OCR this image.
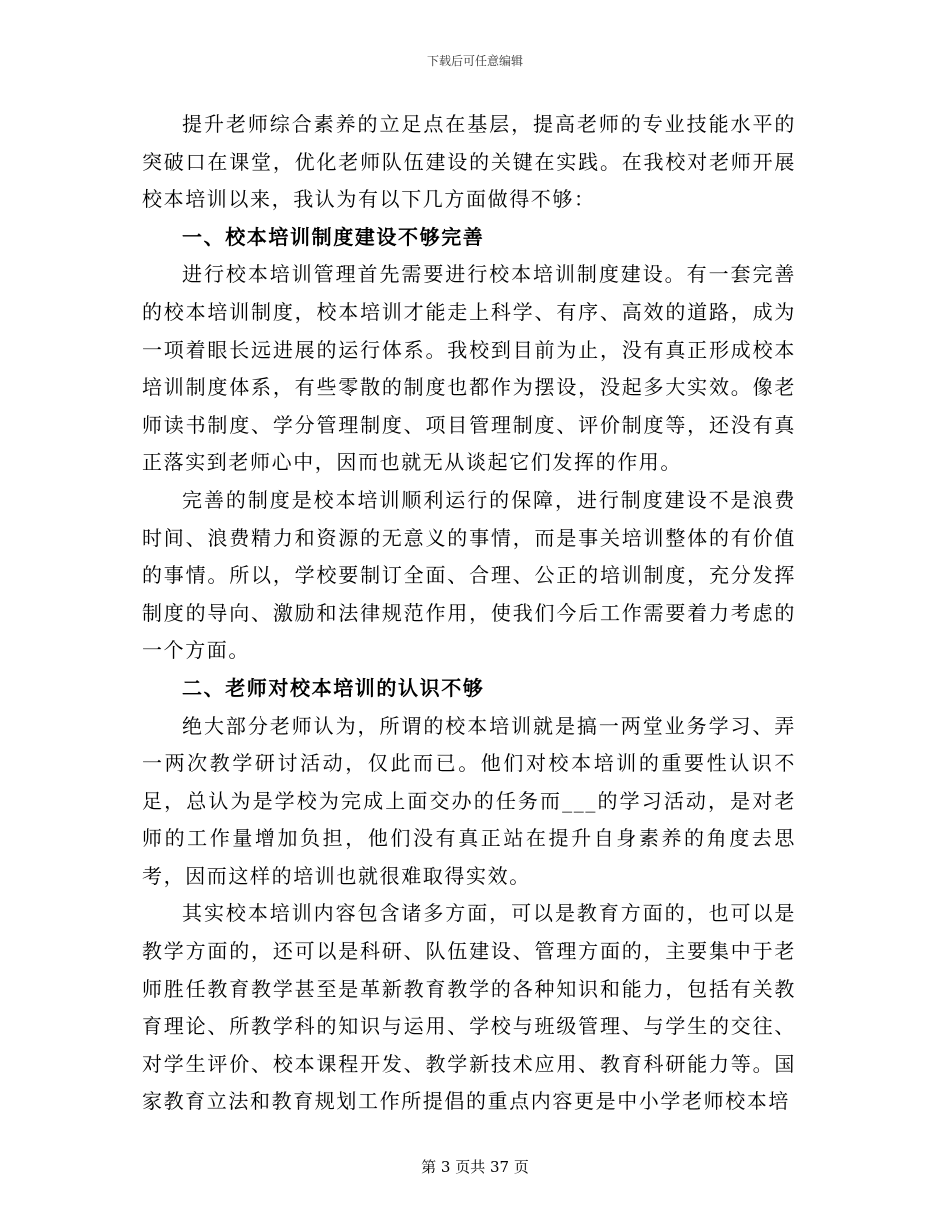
下载后可任意编辑

提升老师综合素养的立足点在基层，提高老师的专业技能水平的突破口在课堂，优化老师队伍建设的关键在实践。在我校对老师开展校本培训以来，我认为有以下几方面做得不够：

一、校本培训制度建设不够完善

进行校本培训管理首先需要进行校本培训制度建设。有一套完善的校本培训制度，校本培训才能走上科学、有序、高效的道路，成为一项着眼长远进展的运行体系。我校到目前为止，没有真正形成校本培训制度体系，有些零散的制度也都作为摆设，没起多大实效。像老师读书制度、学分管理制度、项目管理制度、评价制度等，还没有真正落实到老师心中，因而也就无从谈起它们发挥的作用。

完善的制度是校本培训顺利运行的保障，进行制度建设不是浪费时间、浪费精力和资源的无意义的事情，而是事关培训整体的有价值的事情。所以，学校要制订全面、合理、公正的培训制度，充分发挥制度的导向、激励和法律规范作用，使我们今后工作需要着力考虑的一个方面。

二、老师对校本培训的认识不够

绝大部分老师认为，所谓的校本培训就是搞一两堂业务学习、弄一两次教学研讨活动，仅此而已。他们对校本培训的重要性认识不足，总认为是学校为完成上面交办的任务而___的学习活动，是对老师的工作量增加负担，他们没有真正站在提升自身素养的角度去思考，因而这样的培训也就很难取得实效。

其实校本培训内容包含诸多方面，可以是教育方面的，也可以是教学方面的，还可以是科研、队伍建设、管理方面的，主要集中于老师胜任教育教学甚至是革新教育教学的各种知识和能力，包括有关教育理论、所教学科的知识与运用、学校与班级管理、与学生的交往、对学生评价、校本课程开发、教学新技术应用、教育科研能力等。国家教育立法和教育规划工作所提倡的重点内容更是中小学老师校本培

第 3 页共 37 页
